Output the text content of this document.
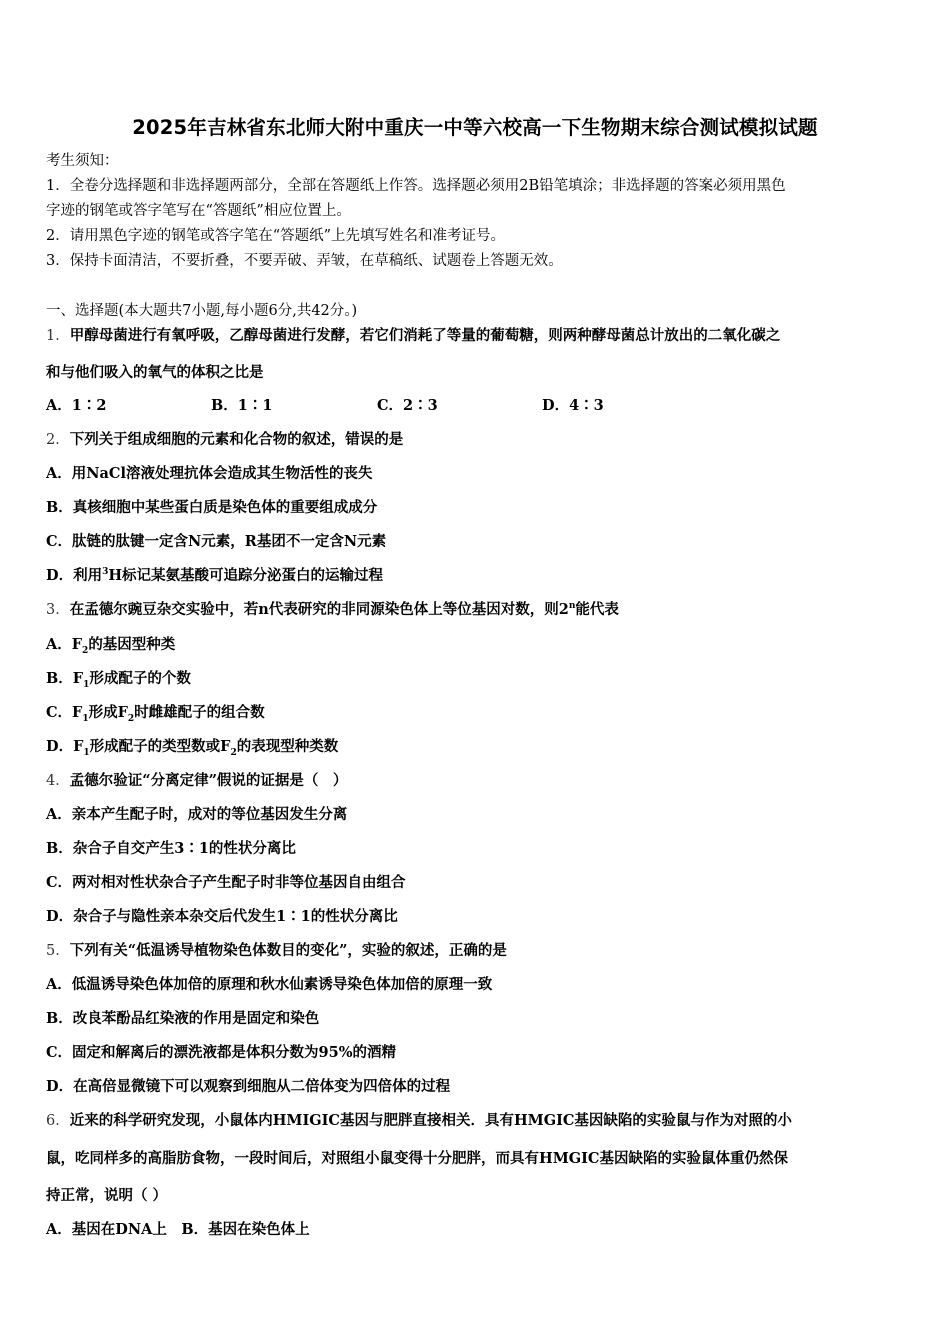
2025年吉林省东北师大附中重庆一中等六校高一下生物期末综合测试模拟试题
考生须知：
1．全卷分选择题和非选择题两部分，全部在答题纸上作答。选择题必须用2B铅笔填涂；非选择题的答案必须用黑色
字迹的钢笔或答字笔写在“答题纸”相应位置上。
2．请用黑色字迹的钢笔或答字笔在“答题纸”上先填写姓名和准考证号。
3．保持卡面清洁，不要折叠，不要弄破、弄皱，在草稿纸、试题卷上答题无效。
一、选择题(本大题共7小题,每小题6分,共42分。)
1．甲醇母菌进行有氧呼吸，乙醇母菌进行发酵，若它们消耗了等量的葡萄糖，则两种酵母菌总计放出的二氧化碳之
和与他们吸入的氧气的体积之比是
A．1∶2	B．1∶1	C．2∶3	D．4∶3
2．下列关于组成细胞的元素和化合物的叙述，错误的是
A．用NaCl溶液处理抗体会造成其生物活性的丧失
B．真核细胞中某些蛋白质是染色体的重要组成成分
C．肽链的肽键一定含N元素，R基团不一定含N元素
D．利用$^3$H标记某氨基酸可追踪分泌蛋白的运输过程
3．在孟德尔豌豆杂交实验中，若n代表研究的非同源染色体上等位基因对数，则2$^n$能代表
A．$F_2$的基因型种类
B．$F_1$形成配子的个数
C．$F_1$形成$F_2$时雌雄配子的组合数
D．$F_1$形成配子的类型数或$F_2$的表现型种类数
4．孟德尔验证“分离定律”假说的证据是（　）
A．亲本产生配子时，成对的等位基因发生分离
B．杂合子自交产生3∶1的性状分离比
C．两对相对性状杂合子产生配子时非等位基因自由组合
D．杂合子与隐性亲本杂交后代发生1∶1的性状分离比
5．下列有关“低温诱导植物染色体数目的变化”，实验的叙述，正确的是
A．低温诱导染色体加倍的原理和秋水仙素诱导染色体加倍的原理一致
B．改良苯酚品红染液的作用是固定和染色
C．固定和解离后的漂洗液都是体积分数为95%的酒精
D．在高倍显微镜下可以观察到细胞从二倍体变为四倍体的过程
6．近来的科学研究发现，小鼠体内HMIGIC基因与肥胖直接相关．具有HMGIC基因缺陷的实验鼠与作为对照的小
鼠，吃同样多的高脂肪食物，一段时间后，对照组小鼠变得十分肥胖，而具有HMGIC基因缺陷的实验鼠体重仍然保
持正常，说明（ ）
A．基因在DNA上　B．基因在染色体上
